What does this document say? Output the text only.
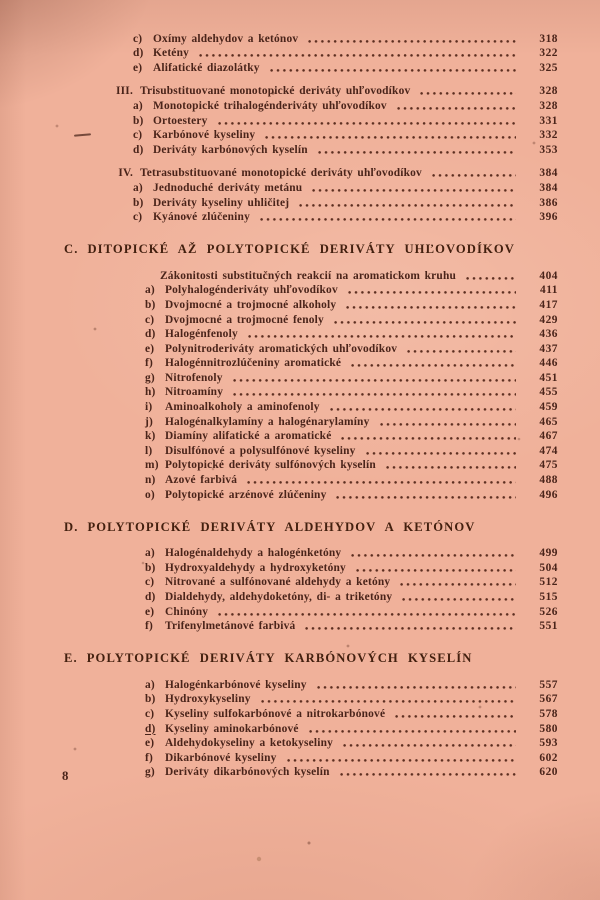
c) Oxímy aldehydov a ketónov	318
d) Ketény	322
e) Alifatické diazolátky	325
III. Trisubstituované monotopické deriváty uhľovodíkov	328
a) Monotopické trihalogénderiváty uhľovodíkov	328
b) Ortoestery	331
c) Karbónové kyseliny	332
d) Deriváty karbónových kyselín	353
IV. Tetrasubstituované monotopické deriváty uhľovodíkov	384
a) Jednoduché deriváty metánu	384
b) Deriváty kyseliny uhličitej	386
c) Kyánové zlúčeniny	396
C. DITOPICKÉ AŽ POLYTOPICKÉ DERIVÁTY UHĽOVODÍKOV
Zákonitosti substitučných reakcií na aromatickom kruhu	404
a) Polyhalogénderiváty uhľovodíkov	411
b) Dvojmocné a trojmocné alkoholy	417
c) Dvojmocné a trojmocné fenoly	429
d) Halogénfenoly	436
e) Polynitroderiváty aromatických uhľovodíkov	437
f)	Halogénnitrozlúčeniny aromatické	446
g) Nitrofenoly	451
h) Nitroamíny	455
i)	Aminoalkoholy a aminofenoly	459
j)	Halogénalkylamíny a halogénarylamíny	465
k) Diamíny alifatické a aromatické	467
l)	Disulfónové a polysulfónové kyseliny	474
m) Polytopické deriváty sulfónových kyselín	475
n) Azové farbivá	488
o) Polytopické arzénové zlúčeniny	496
D. POLYTOPICKÉ DERIVÁTY ALDEHYDOV A KETÓNOV
a) Halogénaldehydy a halogénketóny	499
b) Hydroxyaldehydy a hydroxyketóny	504
c) Nitrované a sulfónované aldehydy a ketóny	512
d) Dialdehydy, aldehydoketóny, di- a triketóny	515
e) Chinóny	526
f)	Trifenylmetánové farbivá	551
E. POLYTOPICKÉ DERIVÁTY KARBÓNOVÝCH KYSELÍN
a) Halogénkarbónové kyseliny	557
b) Hydroxykyseliny	567
c) Kyseliny sulfokarbónové a nitrokarbónové	578
d) Kyseliny aminokarbónové	580
e) Aldehydokyseliny a ketokyseliny	593
f)	Dikarbónové kyseliny	602
g) Deriváty dikarbónových kyselín	620
8
